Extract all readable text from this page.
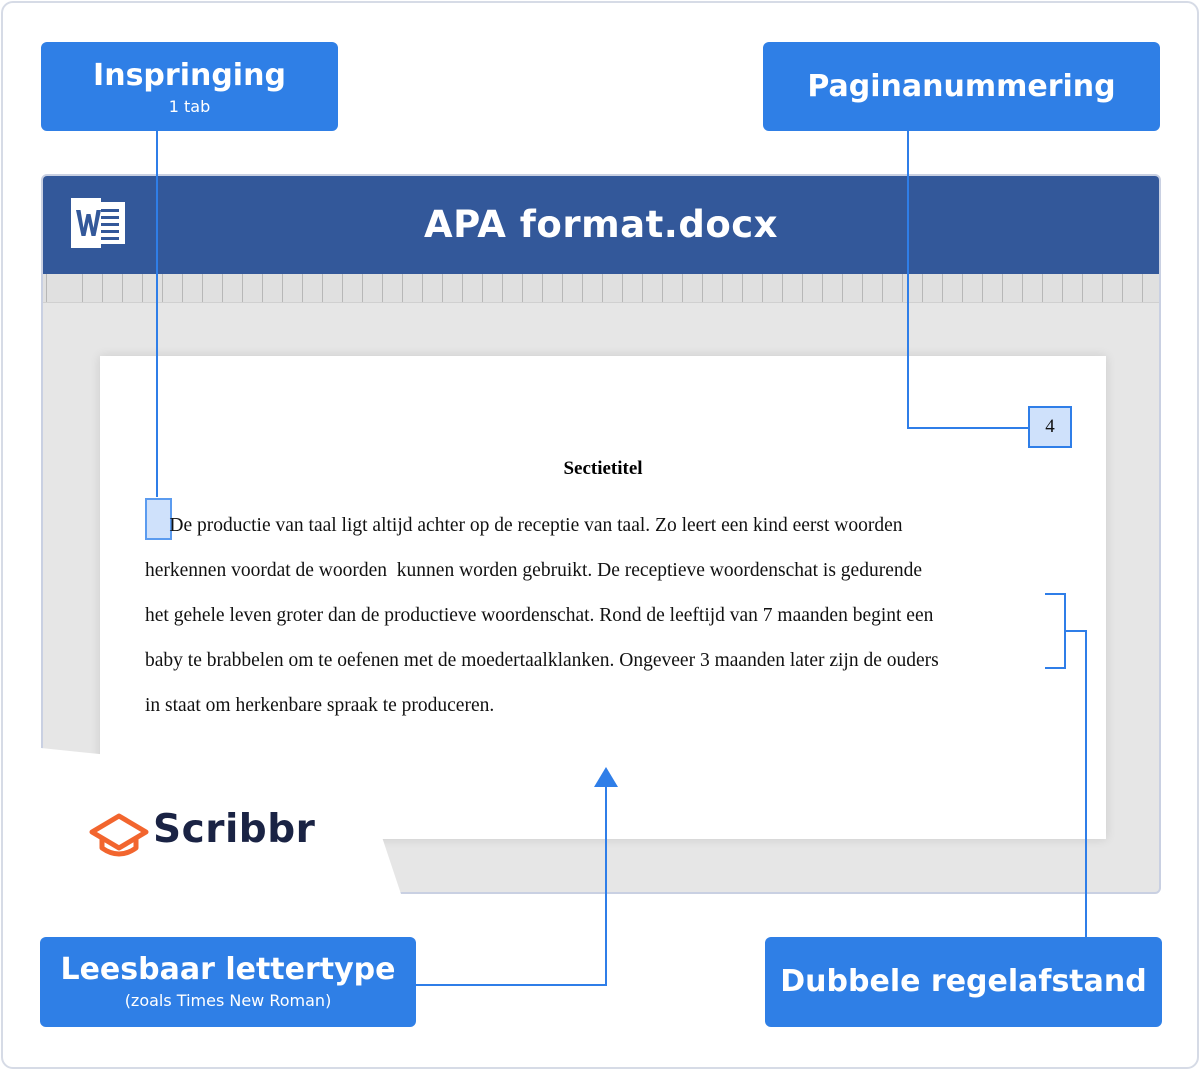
APA format.docx
4
Sectietitel
De productie van taal ligt altijd achter op de receptie van taal. Zo leert een kind eerst woorden
herkennen voordat de woorden  kunnen worden gebruikt. De receptieve woordenschat is gedurende
het gehele leven groter dan de productieve woordenschat. Rond de leeftijd van 7 maanden begint een
baby te brabbelen om te oefenen met de moedertaalklanken. Ongeveer 3 maanden later zijn de ouders
in staat om herkenbare spraak te produceren.
Scribbr
Inspringing
1 tab
Paginanummering
Leesbaar lettertype
(zoals Times New Roman)
Dubbele regelafstand
